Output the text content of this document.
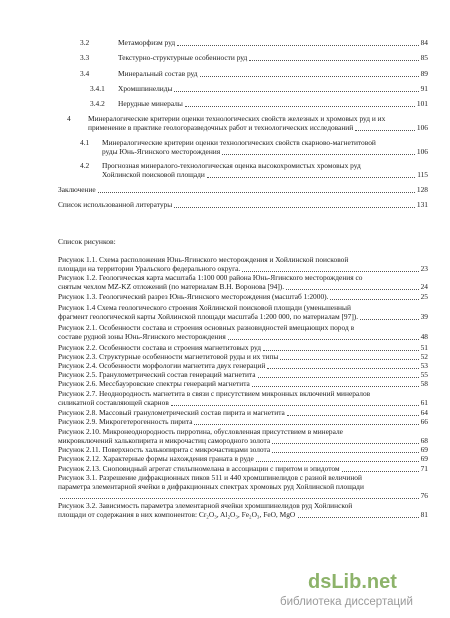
3.2	Метаморфизм руд	84
3.3	Текстурно-структурные особенности руд	85
3.4	Минеральный состав руд	89
3.4.1 Хромшпинелиды	91
3.4.2 Нерудные минералы	101
4 Минералогические критерии оценки технологических свойств железных и хромовых руд и их
применение в практике геологоразведочных работ и технологических исследований	106
4.1 Минералогические критерии оценки технологических свойств скарново-магнетитовой
руды Юнь-Ягинского месторождения	106
4.2 Прогнозная минералого-технологическая оценка высокохромистых хромовых руд
Хойлинской поисковой площади	115
Заключение	128
Список использованной литературы	131
Список рисунков:
Рисунок 1.1. Схема расположения Юнь-Ягинского месторождения и Хойлинской поисковой
площади на территории Уральского федерального округа.	23
Рисунок 1.2. Геологическая карта масштаба 1:100 000 района Юнь-Ягинского месторождения со
снятым чехлом MZ-KZ отложений (по материалам В.Н. Воронова [94]).	24
Рисунок 1.3. Геологический разрез Юнь-Ягинского месторождения (масштаб 1:2000).	25
Рисунок 1.4 Схема геологического строения Хойлинской поисковой площади (уменьшенный
фрагмент геологической карты Хойлинской площади масштаба 1:200 000, по материалам [97]).	39
Рисунок 2.1. Особенности состава и строения основных разновидностей вмещающих пород в
составе рудной зоны Юнь-Ягинского месторождения	48
Рисунок 2.2. Особенности состава и строения магнетитовых руд	51
Рисунок 2.3. Структурные особенности магнетитовой руды и их типы	52
Рисунок 2.4. Особенности морфологии магнетита двух генераций	53
Рисунок 2.5. Гранулометрический состав генераций магнетита	55
Рисунок 2.6. Мессбауэровские спектры генераций магнетита	58
Рисунок 2.7. Неоднородность магнетита в связи с присутствием микронных включений минералов
силикатной составляющей скарнов	61
Рисунок 2.8. Массовый гранулометрический состав пирита и магнетита	64
Рисунок 2.9. Микрогетерогенность пирита	66
Рисунок 2.10. Микронеоднородность пирротина, обусловленная присутствием в минерале
микровключений халькопирита и микрочастиц самородного золота	68
Рисунок 2.11. Поверхность халькопирита с микрочастицами золота	69
Рисунок 2.12. Характерные формы нахождения граната в руде	69
Рисунок 2.13. Сноповидный агрегат стильпномелана в ассоциации с пиритом и эпидотом	71
Рисунок 3.1. Разрешение дифракционных пиков 511 и 440 хромшпинелидов с разной величиной
параметра элементарной ячейки в дифракционных спектрах хромовых руд Хойлинской площади
76
Рисунок 3.2. Зависимость параметра элементарной ячейки хромшпинелидов руд Хойлинской
площади от содержания в них компонентов: Cr₂O₃, Al₂O₃, Fe₂O₃, FeO, MgO	81
dsLib.net
библиотека диссертаций
